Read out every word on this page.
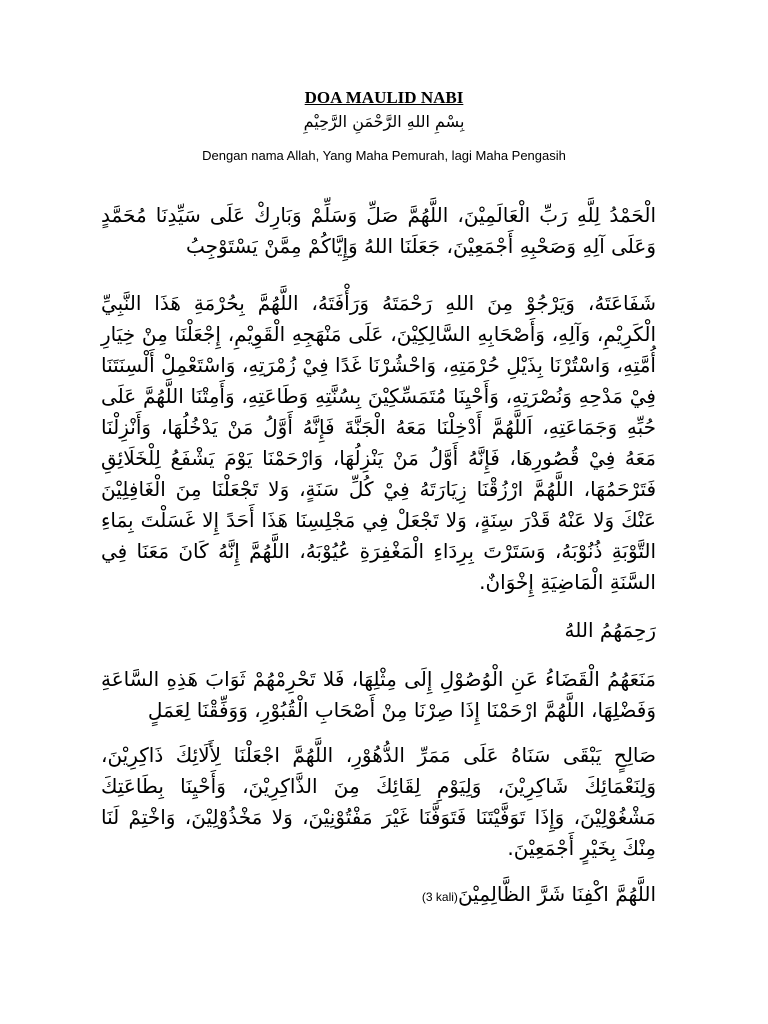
DOA MAULID NABI
بِسْمِ اللهِ الرَّحْمَنِ الرَّحِيْمِ
Dengan nama Allah, Yang Maha Pemurah, lagi Maha Pengasih

الْحَمْدُ لِلَّهِ رَبِّ الْعَالَمِيْنَ، اللَّهُمَّ صَلِّ وَسَلِّمْ وَبَارِكْ عَلَى سَيِّدِنَا مُحَمَّدٍ وَعَلَى آلِهِ وَصَحْبِهِ أَجْمَعِيْنَ، جَعَلَنَا اللهُ وَإِيَّاكُمْ مِمَّنْ يَسْتَوْجِبُ

شَفَاعَتَهُ، وَيَرْجُوْ مِنَ اللهِ رَحْمَتَهُ وَرَأْفَتَهُ، اللَّهُمَّ بِحُرْمَةِ هَذَا النَّبِيِّ الْكَرِيْمِ، وَآلِهِ، وَأَصْحَابِهِ السَّالِكِيْنَ، عَلَى مَنْهَجِهِ الْقَوِيْمِ، إِجْعَلْنَا مِنْ خِيَارِ أُمَّتِهِ، وَاسْتُرْنَا بِذَيْلِ حُرْمَتِهِ، وَاحْشُرْنَا غَدًا فِيْ زُمْرَتِهِ، وَاسْتَعْمِلْ أَلْسِنَتَنَا فِيْ مَدْحِهِ وَنُصْرَتِهِ، وَأَحْيِنَا مُتَمَسِّكِيْنَ بِسُنَّتِهِ وَطَاعَتِهِ، وَأَمِتْنَا اللَّهُمَّ عَلَى حُبِّهِ وَجَمَاعَتِهِ، اَللَّهُمَّ أَدْخِلْنَا مَعَهُ الْجَنَّةَ فَإِنَّهُ أَوَّلُ مَنْ يَدْخُلُهَا، وَأَنْزِلْنَا مَعَهُ فِيْ قُصُورِهَا، فَإِنَّهُ أَوَّلُ مَنْ يَنْزِلُهَا، وَارْحَمْنَا يَوْمَ يَشْفَعُ لِلْخَلَائِقِ فَتَرْحَمُهَا، اللَّهُمَّ ارْزُقْنَا زِيَارَتَهُ فِيْ كُلِّ سَنَةٍ، وَلا تَجْعَلْنَا مِنَ الْغَافِلِيْنَ عَنْكَ وَلا عَنْهُ قَدْرَ سِنَةٍ، وَلا تَجْعَلْ فِي مَجْلِسِنَا هَذَا أَحَدً إِلا غَسَلْتَ بِمَاءِ التَّوْبَةِ ذُنُوْبَهُ، وَسَتَرْتَ بِرِدَاءِ الْمَغْفِرَةِ عُيُوْبَهُ، اللَّهُمَّ إِنَّهُ كَانَ مَعَنَا فِي السَّنَةِ الْمَاضِيَةِ إِخْوَانٌ.

رَحِمَهُمُ اللهُ

مَنَعَهُمُ الْقَضَاءُ عَنِ الْوُصُوْلِ إِلَى مِثْلِهَا، فَلا تَحْرِمْهُمْ ثَوَابَ هَذِهِ السَّاعَةِ وَفَضْلِهَا، اللَّهُمَّ ارْحَمْنَا إِذَا صِرْنَا مِنْ أَصْحَابِ الْقُبُوْرِ، وَوَفِّقْنَا لِعَمَلٍ

صَالِحٍ يَبْقَى سَنَاهُ عَلَى مَمَرِّ الدُّهُوْرِ، اللَّهُمَّ اجْعَلْنَا لِأَلَائِكَ ذَاكِرِيْنَ، وَلِنَعْمَائِكَ شَاكِرِيْنَ، وَلِيَوْمِ لِقَائِكَ مِنَ الذَّاكِرِيْنَ، وَأَحْيِنَا بِطَاعَتِكَ مَشْغُوْلِيْنَ، وَإِذَا تَوَفَّيْتَنَا فَتَوَفَّنَا غَيْرَ مَفْتُوْنِيْنَ، وَلا مَخْذُوْلِيْنَ، وَاخْتِمْ لَنَا مِنْكَ بِخَيْرٍ أَجْمَعِيْنَ.

اللَّهُمَّ اكْفِنَا شَرَّ الظَّالِمِيْنَ(3 kali)
